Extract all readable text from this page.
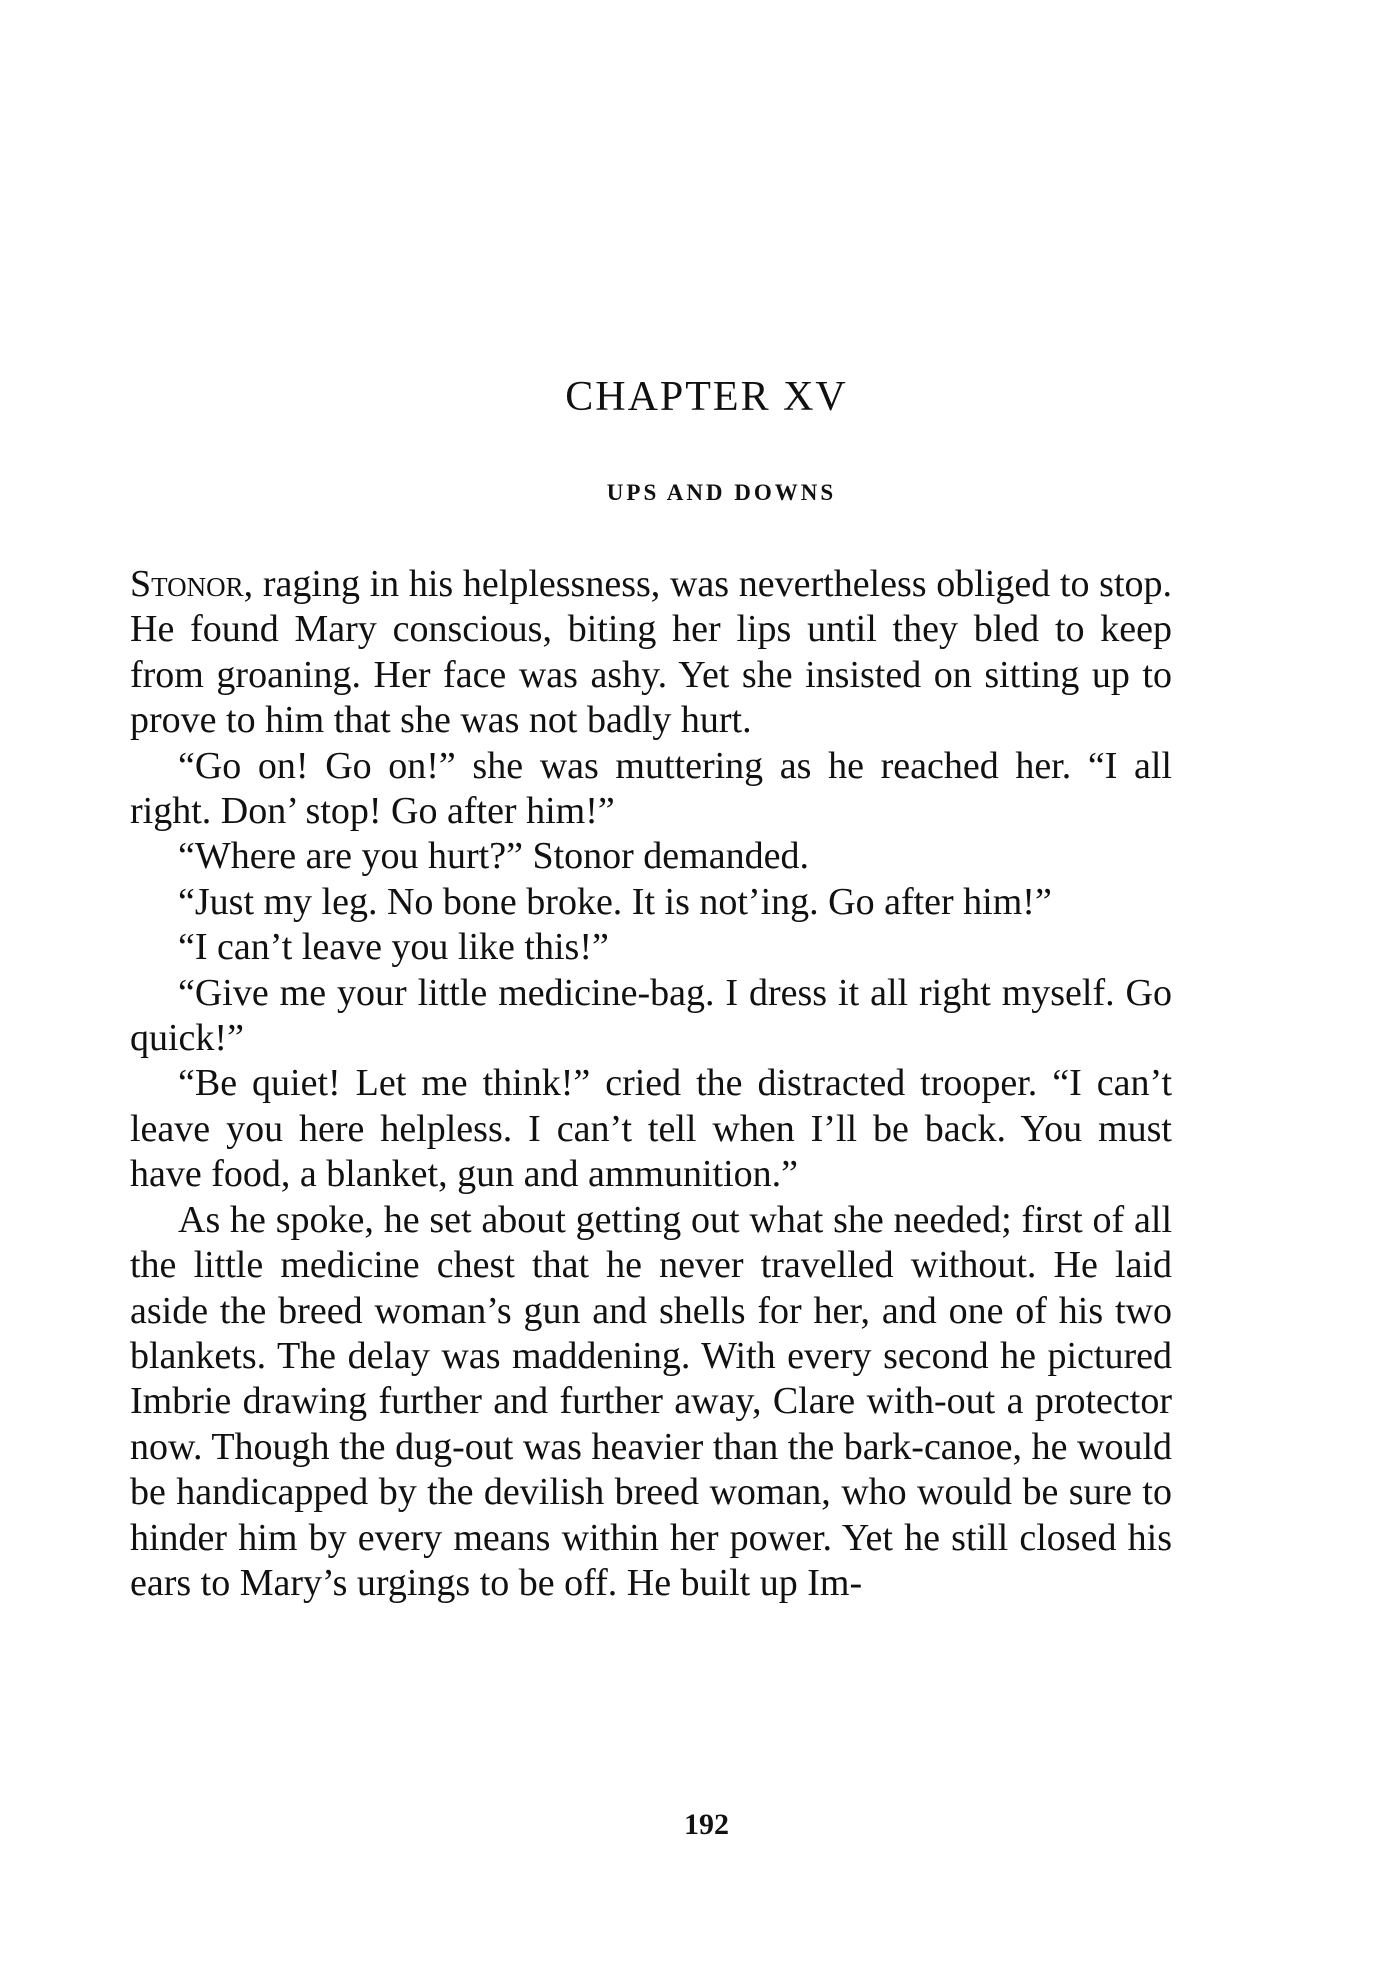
CHAPTER XV
UPS AND DOWNS

Stonor, raging in his helplessness, was nevertheless obliged to stop. He found Mary conscious, biting her lips until they bled to keep from groaning. Her face was ashy. Yet she insisted on sitting up to prove to him that she was not badly hurt.

“Go on! Go on!” she was muttering as he reached her. “I all right. Don’ stop! Go after him!”

“Where are you hurt?” Stonor demanded.

“Just my leg. No bone broke. It is not’ing. Go after him!”

“I can’t leave you like this!”

“Give me your little medicine-bag. I dress it all right myself. Go quick!”

“Be quiet! Let me think!” cried the distracted trooper. “I can’t leave you here helpless. I can’t tell when I’ll be back. You must have food, a blanket, gun and ammunition.”

As he spoke, he set about getting out what she needed; first of all the little medicine chest that he never travelled without. He laid aside the breed woman’s gun and shells for her, and one of his two blankets. The delay was maddening. With every second he pictured Imbrie drawing further and further away, Clare with-out a protector now. Though the dug-out was heavier than the bark-canoe, he would be handicapped by the devilish breed woman, who would be sure to hinder him by every means within her power. Yet he still closed his ears to Mary’s urgings to be off. He built up Im-

192
